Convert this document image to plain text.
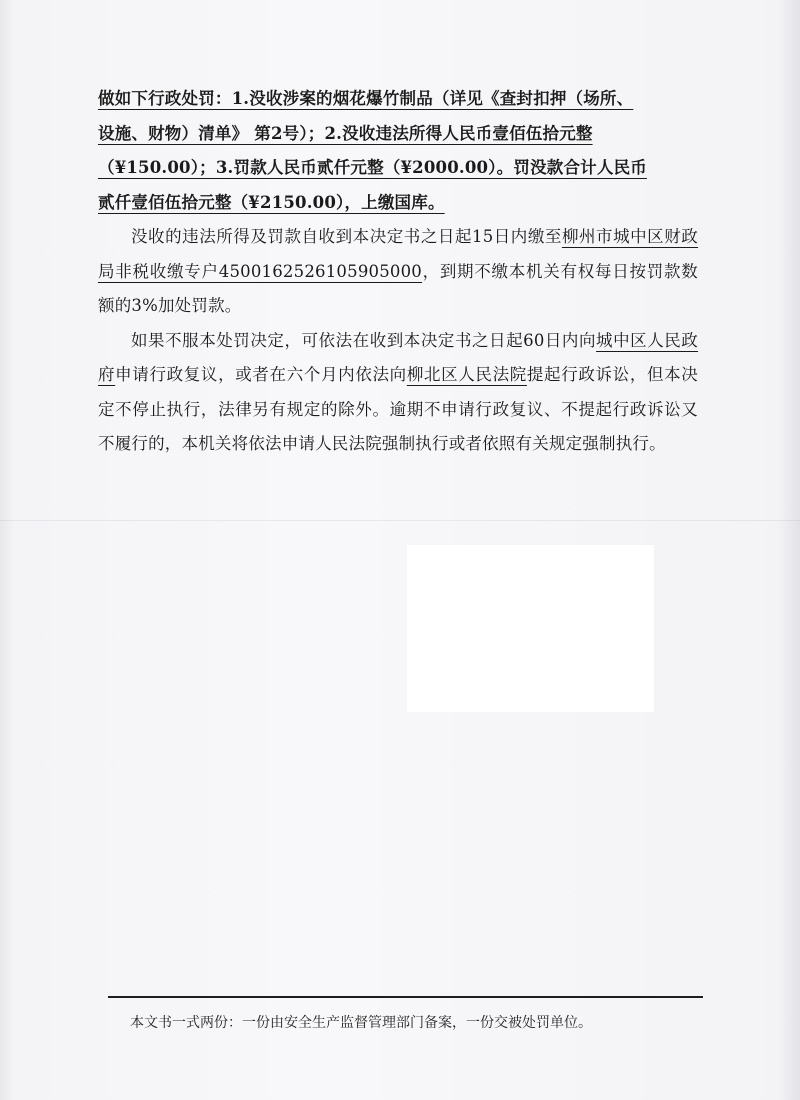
做如下行政处罚：1.没收涉案的烟花爆竹制品（详见《查封扣押（场所、
设施、财物）清单》 第2号）；2.没收违法所得人民币壹佰伍拾元整
（¥150.00）；3.罚款人民币贰仟元整（¥2000.00）。罚没款合计人民币
贰仟壹佰伍拾元整（¥2150.00），上缴国库。

没收的违法所得及罚款自收到本决定书之日起15日内缴至柳州市城中区财政局非税收缴专户4500162526105905000，到期不缴本机关有权每日按罚款数额的3%加处罚款。

如果不服本处罚决定，可依法在收到本决定书之日起60日内向城中区人民政府申请行政复议，或者在六个月内依法向柳北区人民法院提起行政诉讼，但本决定不停止执行，法律另有规定的除外。逾期不申请行政复议、不提起行政诉讼又不履行的，本机关将依法申请人民法院强制执行或者依照有关规定强制执行。

本文书一式两份：一份由安全生产监督管理部门备案，一份交被处罚单位。
